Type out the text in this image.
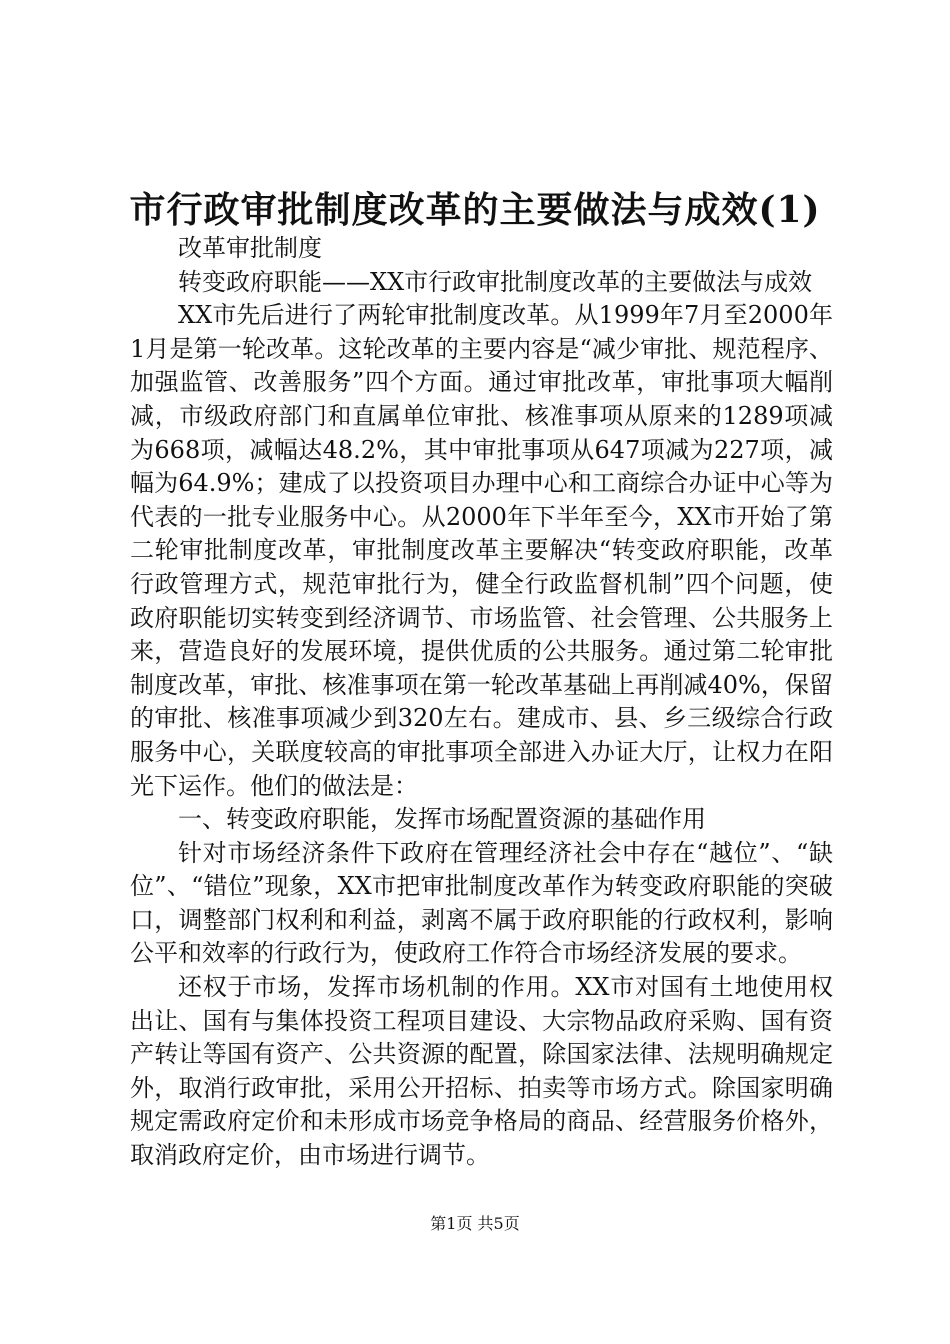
市行政审批制度改革的主要做法与成效(1)

改革审批制度

转变政府职能——XX市行政审批制度改革的主要做法与成效

XX市先后进行了两轮审批制度改革。从1999年7月至2000年1月是第一轮改革。这轮改革的主要内容是“减少审批、规范程序、加强监管、改善服务”四个方面。通过审批改革，审批事项大幅削减，市级政府部门和直属单位审批、核准事项从原来的1289项减为668项，减幅达48.2%，其中审批事项从647项减为227项，减幅为64.9%；建成了以投资项目办理中心和工商综合办证中心等为代表的一批专业服务中心。从2000年下半年至今，XX市开始了第二轮审批制度改革，审批制度改革主要解决“转变政府职能，改革行政管理方式，规范审批行为，健全行政监督机制”四个问题，使政府职能切实转变到经济调节、市场监管、社会管理、公共服务上来，营造良好的发展环境，提供优质的公共服务。通过第二轮审批制度改革，审批、核准事项在第一轮改革基础上再削减40%，保留的审批、核准事项减少到320左右。建成市、县、乡三级综合行政服务中心，关联度较高的审批事项全部进入办证大厅，让权力在阳光下运作。他们的做法是：

一、转变政府职能，发挥市场配置资源的基础作用

针对市场经济条件下政府在管理经济社会中存在“越位”、“缺位”、“错位”现象，XX市把审批制度改革作为转变政府职能的突破口，调整部门权利和利益，剥离不属于政府职能的行政权利，影响公平和效率的行政行为，使政府工作符合市场经济发展的要求。

还权于市场，发挥市场机制的作用。XX市对国有土地使用权出让、国有与集体投资工程项目建设、大宗物品政府采购、国有资产转让等国有资产、公共资源的配置，除国家法律、法规明确规定外，取消行政审批，采用公开招标、拍卖等市场方式。除国家明确规定需政府定价和未形成市场竞争格局的商品、经营服务价格外，取消政府定价，由市场进行调节。

第1页 共5页
